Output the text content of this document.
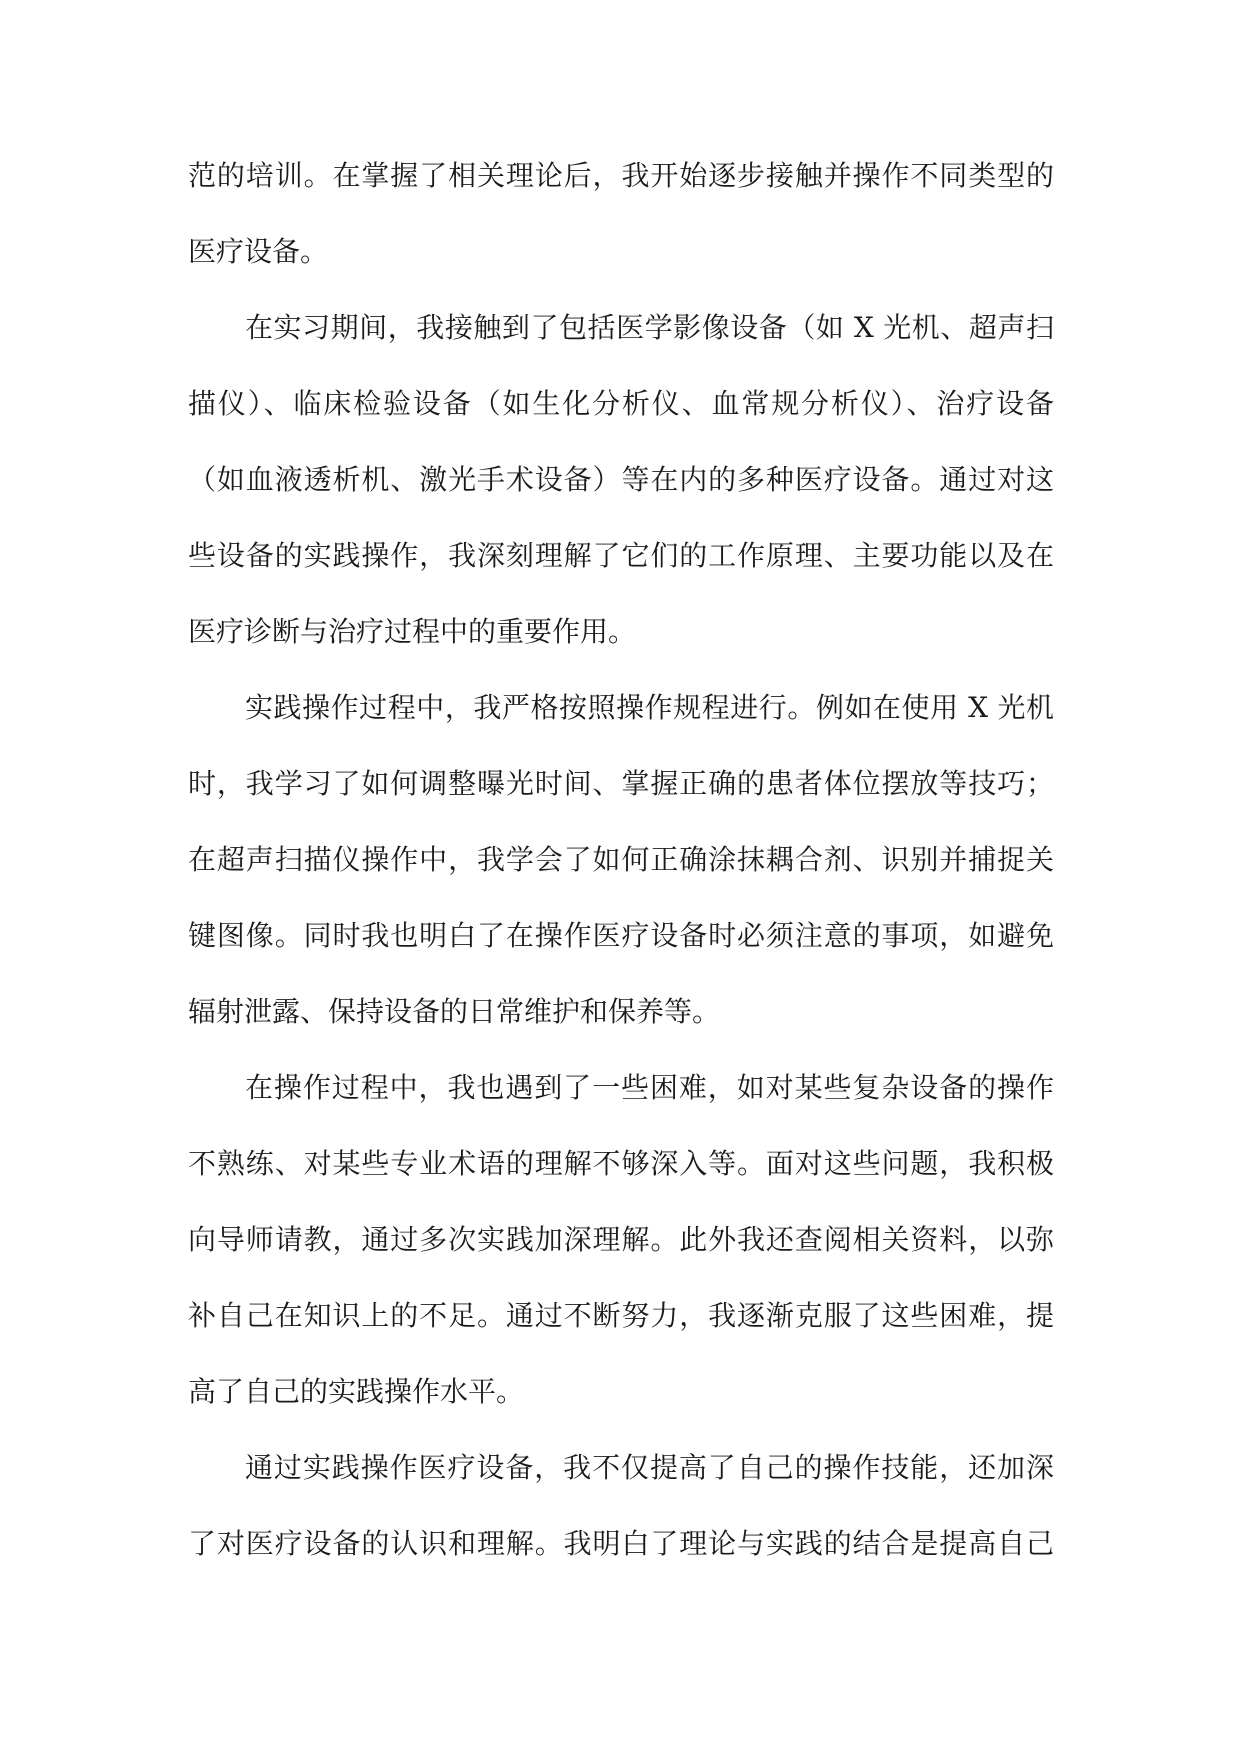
范的培训。在掌握了相关理论后，我开始逐步接触并操作不同类型的
医疗设备。
在实习期间，我接触到了包括医学影像设备（如 X 光机、超声扫
描仪）、临床检验设备（如生化分析仪、血常规分析仪）、治疗设备
（如血液透析机、激光手术设备）等在内的多种医疗设备。通过对这
些设备的实践操作，我深刻理解了它们的工作原理、主要功能以及在
医疗诊断与治疗过程中的重要作用。
实践操作过程中，我严格按照操作规程进行。例如在使用 X 光机
时，我学习了如何调整曝光时间、掌握正确的患者体位摆放等技巧；
在超声扫描仪操作中，我学会了如何正确涂抹耦合剂、识别并捕捉关
键图像。同时我也明白了在操作医疗设备时必须注意的事项，如避免
辐射泄露、保持设备的日常维护和保养等。
在操作过程中，我也遇到了一些困难，如对某些复杂设备的操作
不熟练、对某些专业术语的理解不够深入等。面对这些问题，我积极
向导师请教，通过多次实践加深理解。此外我还查阅相关资料，以弥
补自己在知识上的不足。通过不断努力，我逐渐克服了这些困难，提
高了自己的实践操作水平。
通过实践操作医疗设备，我不仅提高了自己的操作技能，还加深
了对医疗设备的认识和理解。我明白了理论与实践的结合是提高自己
